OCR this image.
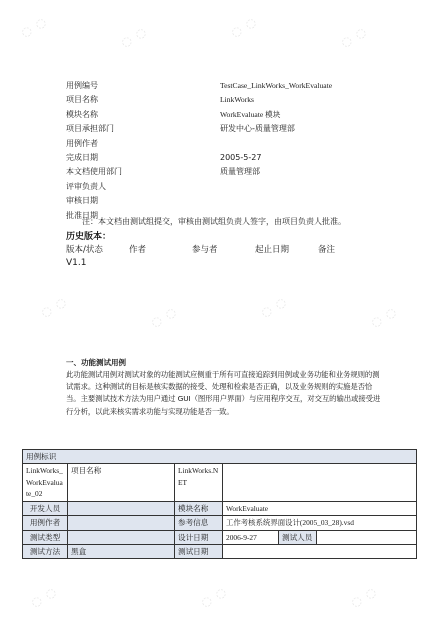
◌ ◌	◌ ◌	◌ ◌	◌ ◌
◌ ◌	◌ ◌	◌ ◌	◌ ◌
◌ ◌	◌ ◌	◌ ◌
用例编号	TestCase_LinkWorks_WorkEvaluate
项目名称	LinkWorks
模块名称	WorkEvaluate 模块
项目承担部门	研发中心-质量管理部
用例作者
完成日期	2005-5-27
本文档使用部门	质量管理部
评审负责人
审核日期
批准日期
注：本文档由测试组提交，审核由测试组负责人签字，由项目负责人批准。
历史版本：
版本/状态	作者	参与者	起止日期	备注
V1.1
一、功能测试用例
此功能测试用例对测试对象的功能测试应侧重于所有可直接追踪到用例或业务功能和业务规则的测试需求。这种测试的目标是核实数据的接受、处理和检索是否正确，以及业务规则的实施是否恰当。主要测试技术方法为用户通过 GUI（图形用户界面）与应用程序交互，对交互的输出或接受进行分析，以此来核实需求功能与实现功能是否一致。
用例标识					
LinkWorks_WorkEvaluate_02	项目名称	LinkWorks.NET			
开发人员		模块名称	WorkEvaluate		
用例作者		参考信息	工作考核系统界面设计(2005_03_28).vsd		
测试类型		设计日期	2006-9-27	测试人员	
测试方法	黑盒	测试日期			
